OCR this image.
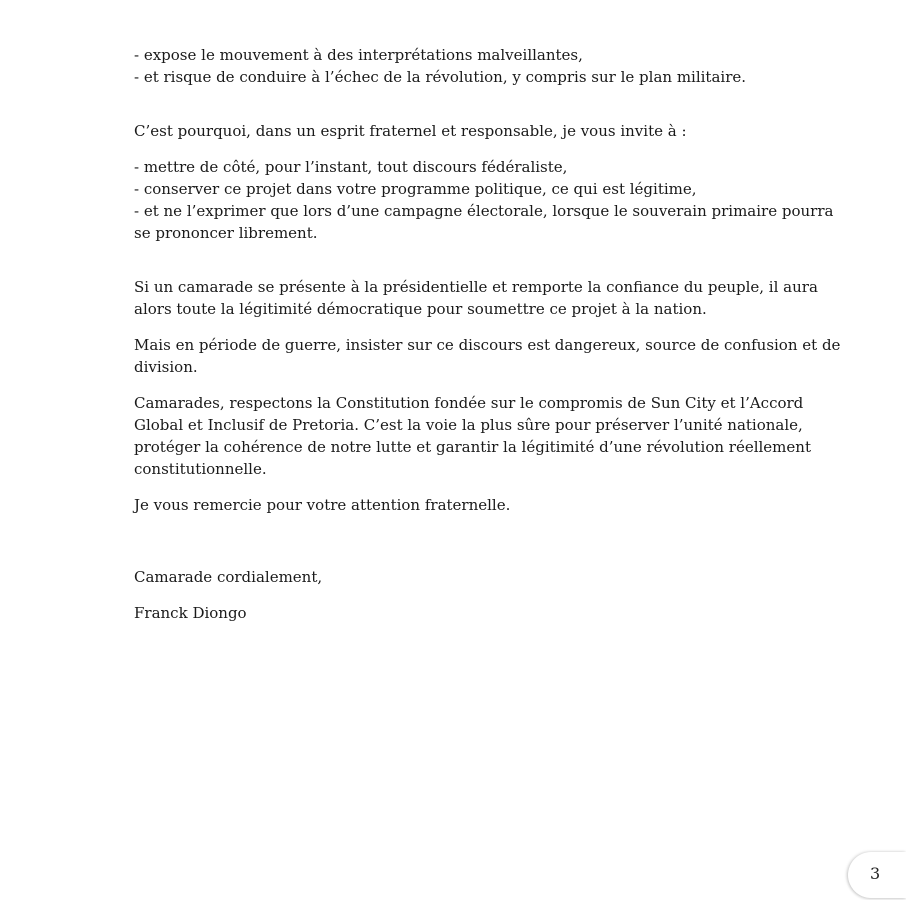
- expose le mouvement à des interprétations malveillantes,
- et risque de conduire à l’échec de la révolution, y compris sur le plan militaire.
C’est pourquoi, dans un esprit fraternel et responsable, je vous invite à :
- mettre de côté, pour l’instant, tout discours fédéraliste,
- conserver ce projet dans votre programme politique, ce qui est légitime,
- et ne l’exprimer que lors d’une campagne électorale, lorsque le souverain primaire pourra
se prononcer librement.
Si un camarade se présente à la présidentielle et remporte la confiance du peuple, il aura
alors toute la légitimité démocratique pour soumettre ce projet à la nation.
Mais en période de guerre, insister sur ce discours est dangereux, source de confusion et de
division.
Camarades, respectons la Constitution fondée sur le compromis de Sun City et l’Accord
Global et Inclusif de Pretoria. C’est la voie la plus sûre pour préserver l’unité nationale,
protéger la cohérence de notre lutte et garantir la légitimité d’une révolution réellement
constitutionnelle.
Je vous remercie pour votre attention fraternelle.
Camarade cordialement,
Franck Diongo
3
